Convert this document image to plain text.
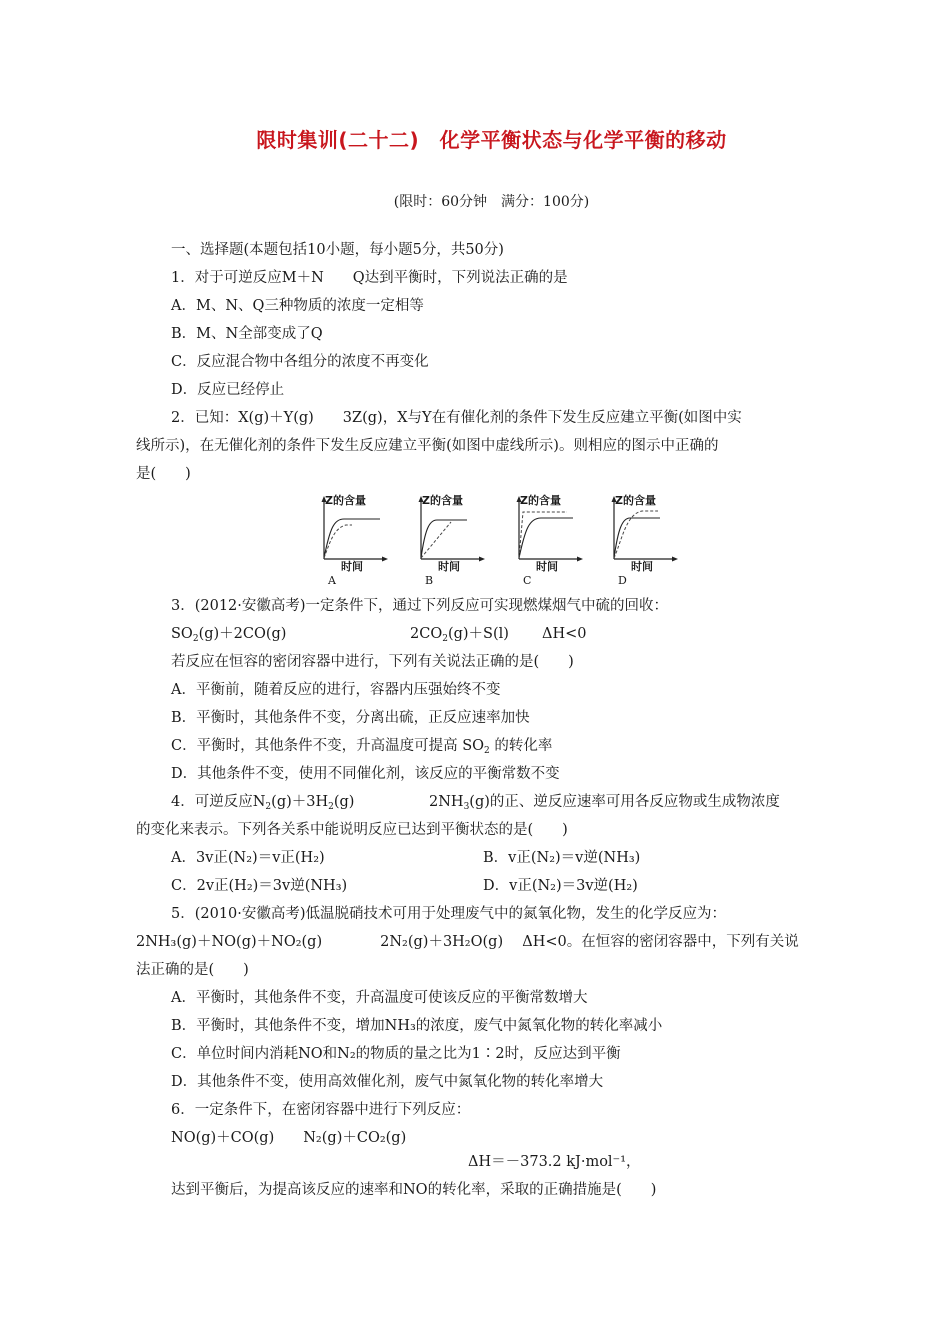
限时集训(二十二)　化学平衡状态与化学平衡的移动
(限时：60分钟　满分：100分)
一、选择题(本题包括10小题，每小题5分，共50分)
1．对于可逆反应M＋N　　Q达到平衡时，下列说法正确的是
A．M、N、Q三种物质的浓度一定相等
B．M、N全部变成了Q
C．反应混合物中各组分的浓度不再变化
D．反应已经停止
2．已知：X(g)＋Y(g)　　3Z(g)，X与Y在有催化剂的条件下发生反应建立平衡(如图中实
线所示)，在无催化剂的条件下发生反应建立平衡(如图中虚线所示)。则相应的图示中正确的
是(　　)
Z的含量
时间
A
Z的含量
时间
B
Z的含量
时间
C
Z的含量
时间
D
3．(2012·安徽高考)一定条件下，通过下列反应可实现燃煤烟气中硫的回收：
$SO_2(g)+2CO(g)$	$2CO_2(g)+S(l)$ ΔH<0
若反应在恒容的密闭容器中进行，下列有关说法正确的是(　　)
A．平衡前，随着反应的进行，容器内压强始终不变
B．平衡时，其他条件不变，分离出硫，正反应速率加快
C．平衡时，其他条件不变，升高温度可提高 $SO_2$ 的转化率
D．其他条件不变，使用不同催化剂，该反应的平衡常数不变
4．可逆反应$N_2(g)+3H_2(g)$	$2NH_3(g)$的正、逆反应速率可用各反应物或生成物浓度
的变化来表示。下列各关系中能说明反应已达到平衡状态的是(　　)
A．3v正(N₂)＝v正(H₂)	B．v正(N₂)＝v逆(NH₃)
C．2v正(H₂)＝3v逆(NH₃)	D．v正(N₂)＝3v逆(H₂)
5．(2010·安徽高考)低温脱硝技术可用于处理废气中的氮氧化物，发生的化学反应为：
2NH₃(g)＋NO(g)＋NO₂(g)　　　　2N₂(g)＋3H₂O(g)　 ΔH<0。在恒容的密闭容器中，下列有关说
法正确的是(　　)
A．平衡时，其他条件不变，升高温度可使该反应的平衡常数增大
B．平衡时，其他条件不变，增加NH₃的浓度，废气中氮氧化物的转化率减小
C．单位时间内消耗NO和N₂的物质的量之比为1∶2时，反应达到平衡
D．其他条件不变，使用高效催化剂，废气中氮氧化物的转化率增大
6．一定条件下，在密闭容器中进行下列反应：
NO(g)＋CO(g)　　N₂(g)＋CO₂(g)
ΔH＝－373.2 kJ·mol⁻¹，
达到平衡后，为提高该反应的速率和NO的转化率，采取的正确措施是(　　)
